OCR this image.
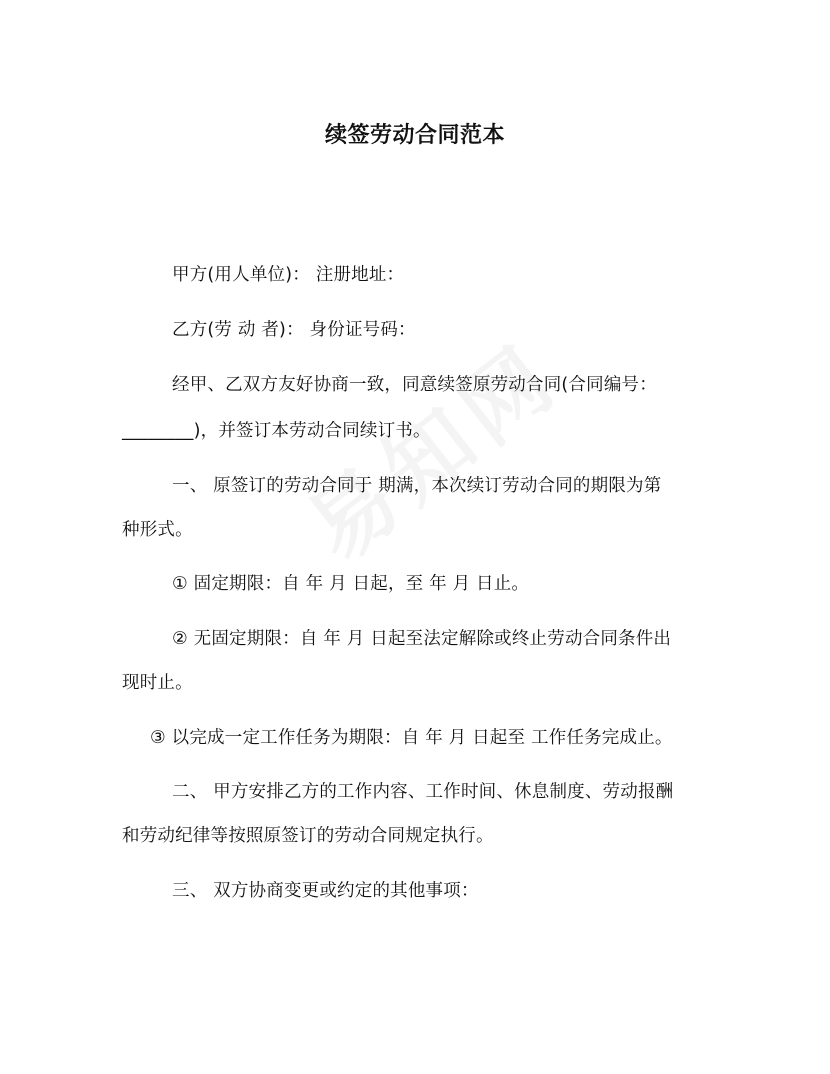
续签劳动合同范本
甲方(用人单位)： 注册地址：
乙方(劳 动 者)： 身份证号码：
经甲、乙双方友好协商一致，同意续签原劳动合同(合同编号：
________)，并签订本劳动合同续订书。
一、 原签订的劳动合同于 期满，本次续订劳动合同的期限为第
种形式。
① 固定期限：自 年 月 日起，至 年 月 日止。
② 无固定期限：自 年 月 日起至法定解除或终止劳动合同条件出
现时止。
③ 以完成一定工作任务为期限：自 年 月 日起至 工作任务完成止。
二、 甲方安排乙方的工作内容、工作时间、休息制度、劳动报酬
和劳动纪律等按照原签订的劳动合同规定执行。
三、 双方协商变更或约定的其他事项：
